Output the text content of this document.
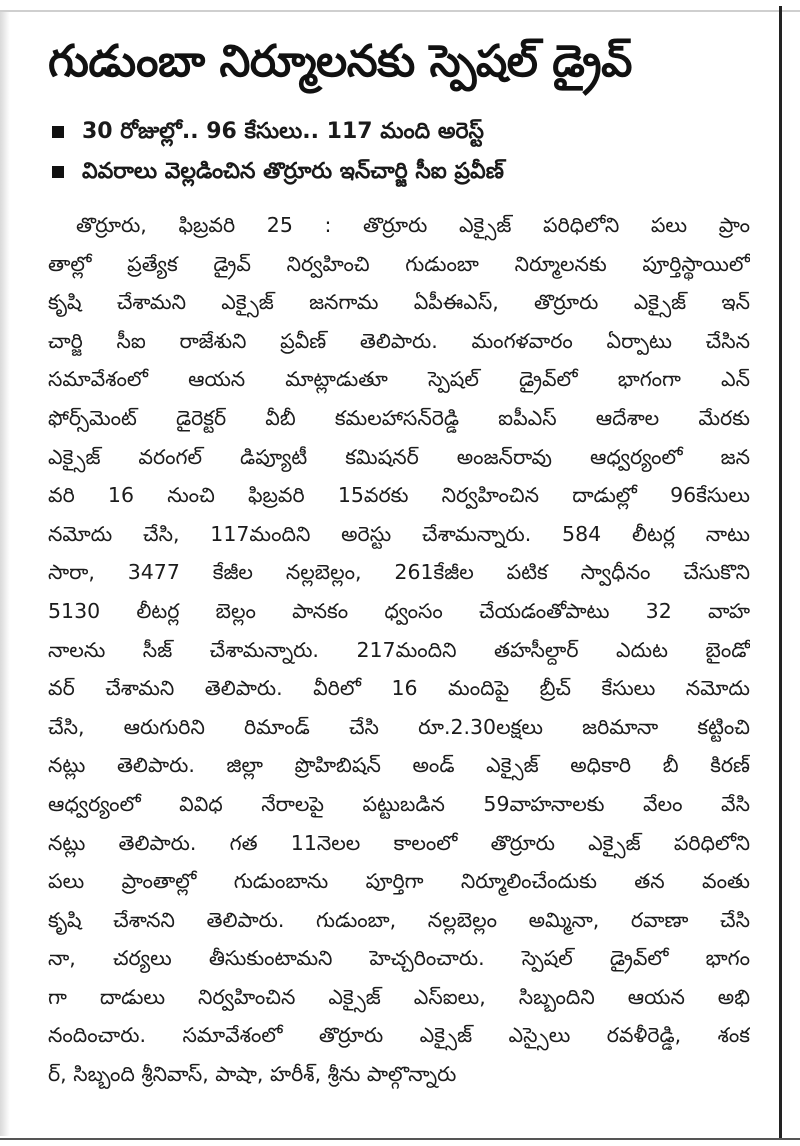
గుడుంబా నిర్మూలనకు స్పెషల్ డ్రైవ్
30 రోజుల్లో.. 96 కేసులు.. 117 మంది అరెస్ట్
వివరాలు వెల్లడించిన తొర్రూరు ఇన్‌చార్జి సీఐ ప్రవీణ్
తొర్రూరు, ఫిబ్రవరి 25 : తొర్రూరు ఎక్సైజ్ పరిధిలోని పలు ప్రాం
తాల్లో ప్రత్యేక డ్రైవ్ నిర్వహించి గుడుంబా నిర్మూలనకు పూర్తిస్థాయిలో
కృషి చేశామని ఎక్సైజ్ జనగామ ఏపీఈఎస్, తొర్రూరు ఎక్సైజ్ ఇన్
చార్జి సీఐ రాజేశుని ప్రవీణ్ తెలిపారు. మంగళవారం ఏర్పాటు చేసిన
సమావేశంలో ఆయన మాట్లాడుతూ స్పెషల్ డ్రైవ్‌లో భాగంగా ఎన్
ఫోర్స్‌మెంట్ డైరెక్టర్ వీబీ కమలహాసన్‌రెడ్డి ఐపీఎస్ ఆదేశాల మేరకు
ఎక్సైజ్ వరంగల్ డిప్యూటీ కమిషనర్ అంజన్‌రావు ఆధ్వర్యంలో జన
వరి 16 నుంచి ఫిబ్రవరి 15వరకు నిర్వహించిన దాడుల్లో 96కేసులు
నమోదు చేసి, 117మందిని అరెస్టు చేశామన్నారు. 584 లీటర్ల నాటు
సారా, 3477 కేజీల నల్లబెల్లం, 261కేజీల పటిక స్వాధీనం చేసుకొని
5130 లీటర్ల బెల్లం పానకం ధ్వంసం చేయడంతోపాటు 32 వాహ
నాలను సీజ్ చేశామన్నారు. 217మందిని తహసీల్దార్ ఎదుట బైండో
వర్ చేశామని తెలిపారు. వీరిలో 16 మందిపై బ్రీచ్ కేసులు నమోదు
చేసి, ఆరుగురిని రిమాండ్ చేసి రూ.2.30లక్షలు జరిమానా కట్టించి
నట్లు తెలిపారు. జిల్లా ప్రొహిబిషన్ అండ్ ఎక్సైజ్ అధికారి బీ కిరణ్
ఆధ్వర్యంలో వివిధ నేరాలపై పట్టుబడిన 59వాహనాలకు వేలం వేసి
నట్లు తెలిపారు. గత 11నెలల కాలంలో తొర్రూరు ఎక్సైజ్ పరిధిలోని
పలు ప్రాంతాల్లో గుడుంబాను పూర్తిగా నిర్మూలించేందుకు తన వంతు
కృషి చేశానని తెలిపారు. గుడుంబా, నల్లబెల్లం అమ్మినా, రవాణా చేసి
నా, చర్యలు తీసుకుంటామని హెచ్చరించారు. స్పెషల్ డ్రైవ్‌లో భాగం
గా దాడులు నిర్వహించిన ఎక్సైజ్ ఎస్ఐలు, సిబ్బందిని ఆయన అభి
నందించారు. సమావేశంలో తొర్రూరు ఎక్సైజ్ ఎస్సైలు రవళీరెడ్డి, శంక
ర్, సిబ్బంది శ్రీనివాస్, పాషా, హరీశ్, శ్రీను పాల్గొన్నారు
